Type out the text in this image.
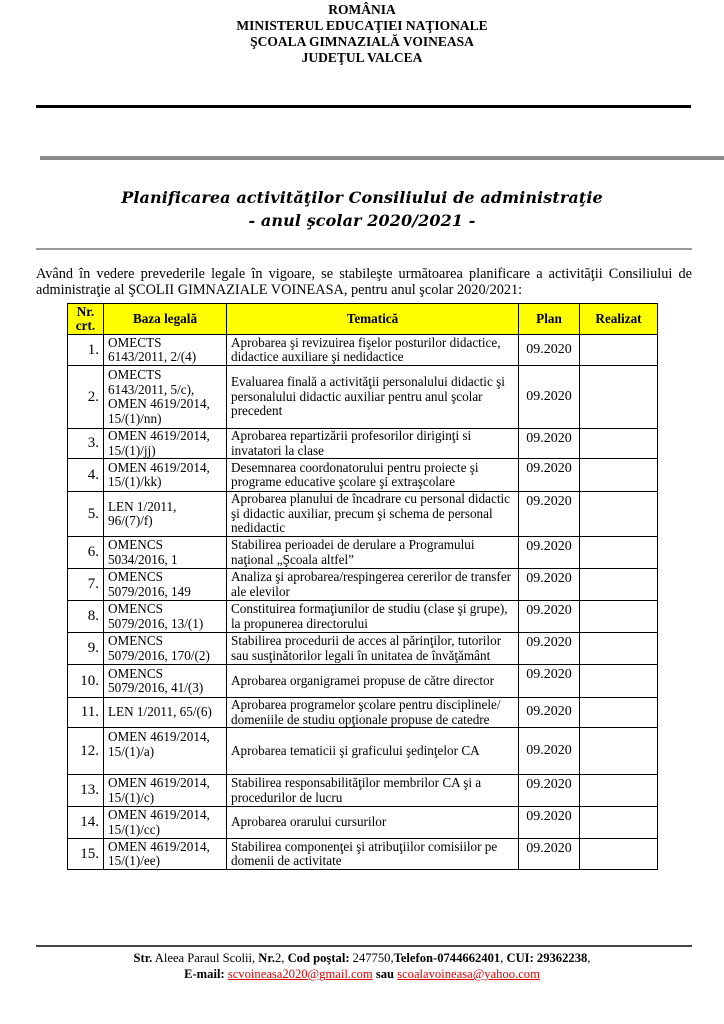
ROMÂNIA
MINISTERUL EDUCAŢIEI NAŢIONALE
ŞCOALA GIMNAZIALĂ VOINEASA
JUDEŢUL VALCEA
Planificarea activităţilor Consiliului de administraţie
- anul şcolar 2020/2021 -
Având în vedere prevederile legale în vigoare, se stabileşte următoarea planificare a activităţii Consiliului de administraţie al ŞCOLII GIMNAZIALE VOINEASA, pentru anul şcolar 2020/2021:
Nr. crt.	Baza legală	Tematică	Plan	Realizat
1.	OMECTS 6143/2011, 2/(4)	Aprobarea şi revizuirea fişelor posturilor didactice, didactice auxiliare şi nedidactice	09.2020	
2.	OMECTS 6143/2011, 5/c), OMEN 4619/2014, 15/(1)/nn)	Evaluarea finală a activităţii personalului didactic şi personalului didactic auxiliar pentru anul şcolar precedent	09.2020	
3.	OMEN 4619/2014, 15/(1)/jj)	Aprobarea repartizării profesorilor diriginţi si invatatori la clase	09.2020	
4.	OMEN 4619/2014, 15/(1)/kk)	Desemnarea coordonatorului pentru proiecte şi programe educative şcolare şi extraşcolare	09.2020	
5.	LEN 1/2011, 96/(7)/f)	Aprobarea planului de încadrare cu personal didactic şi didactic auxiliar, precum şi schema de personal nedidactic	09.2020	
6.	OMENCS 5034/2016, 1	Stabilirea perioadei de derulare a Programului naţional „Şcoala altfel”	09.2020	
7.	OMENCS 5079/2016, 149	Analiza şi aprobarea/respingerea cererilor de transfer ale elevilor	09.2020	
8.	OMENCS 5079/2016, 13/(1)	Constituirea formaţiunilor de studiu (clase şi grupe), la propunerea directorului	09.2020	
9.	OMENCS 5079/2016, 170/(2)	Stabilirea procedurii de acces al părinţilor, tutorilor sau susţinătorilor legali în unitatea de învăţământ	09.2020	
10.	OMENCS 5079/2016, 41/(3)	Aprobarea organigramei propuse de către director	09.2020	
11.	LEN 1/2011, 65/(6)	Aprobarea programelor şcolare pentru disciplinele/ domeniile de studiu opţionale propuse de catedre	09.2020	
12.	OMEN 4619/2014, 15/(1)/a)	Aprobarea tematicii şi graficului şedinţelor CA	09.2020	
13.	OMEN 4619/2014, 15/(1)/c)	Stabilirea responsabilităţilor membrilor CA şi a procedurilor de lucru	09.2020	
14.	OMEN 4619/2014, 15/(1)/cc)	Aprobarea orarului cursurilor	09.2020	
15.	OMEN 4619/2014, 15/(1)/ee)	Stabilirea componenţei şi atribuţiilor comisiilor pe domenii de activitate	09.2020	
Str. Aleea Paraul Scolii, Nr.2, Cod poştal: 247750,Telefon-0744662401, CUI: 29362238,
E-mail: scvoineasa2020@gmail.com sau scoalavoineasa@yahoo.com
